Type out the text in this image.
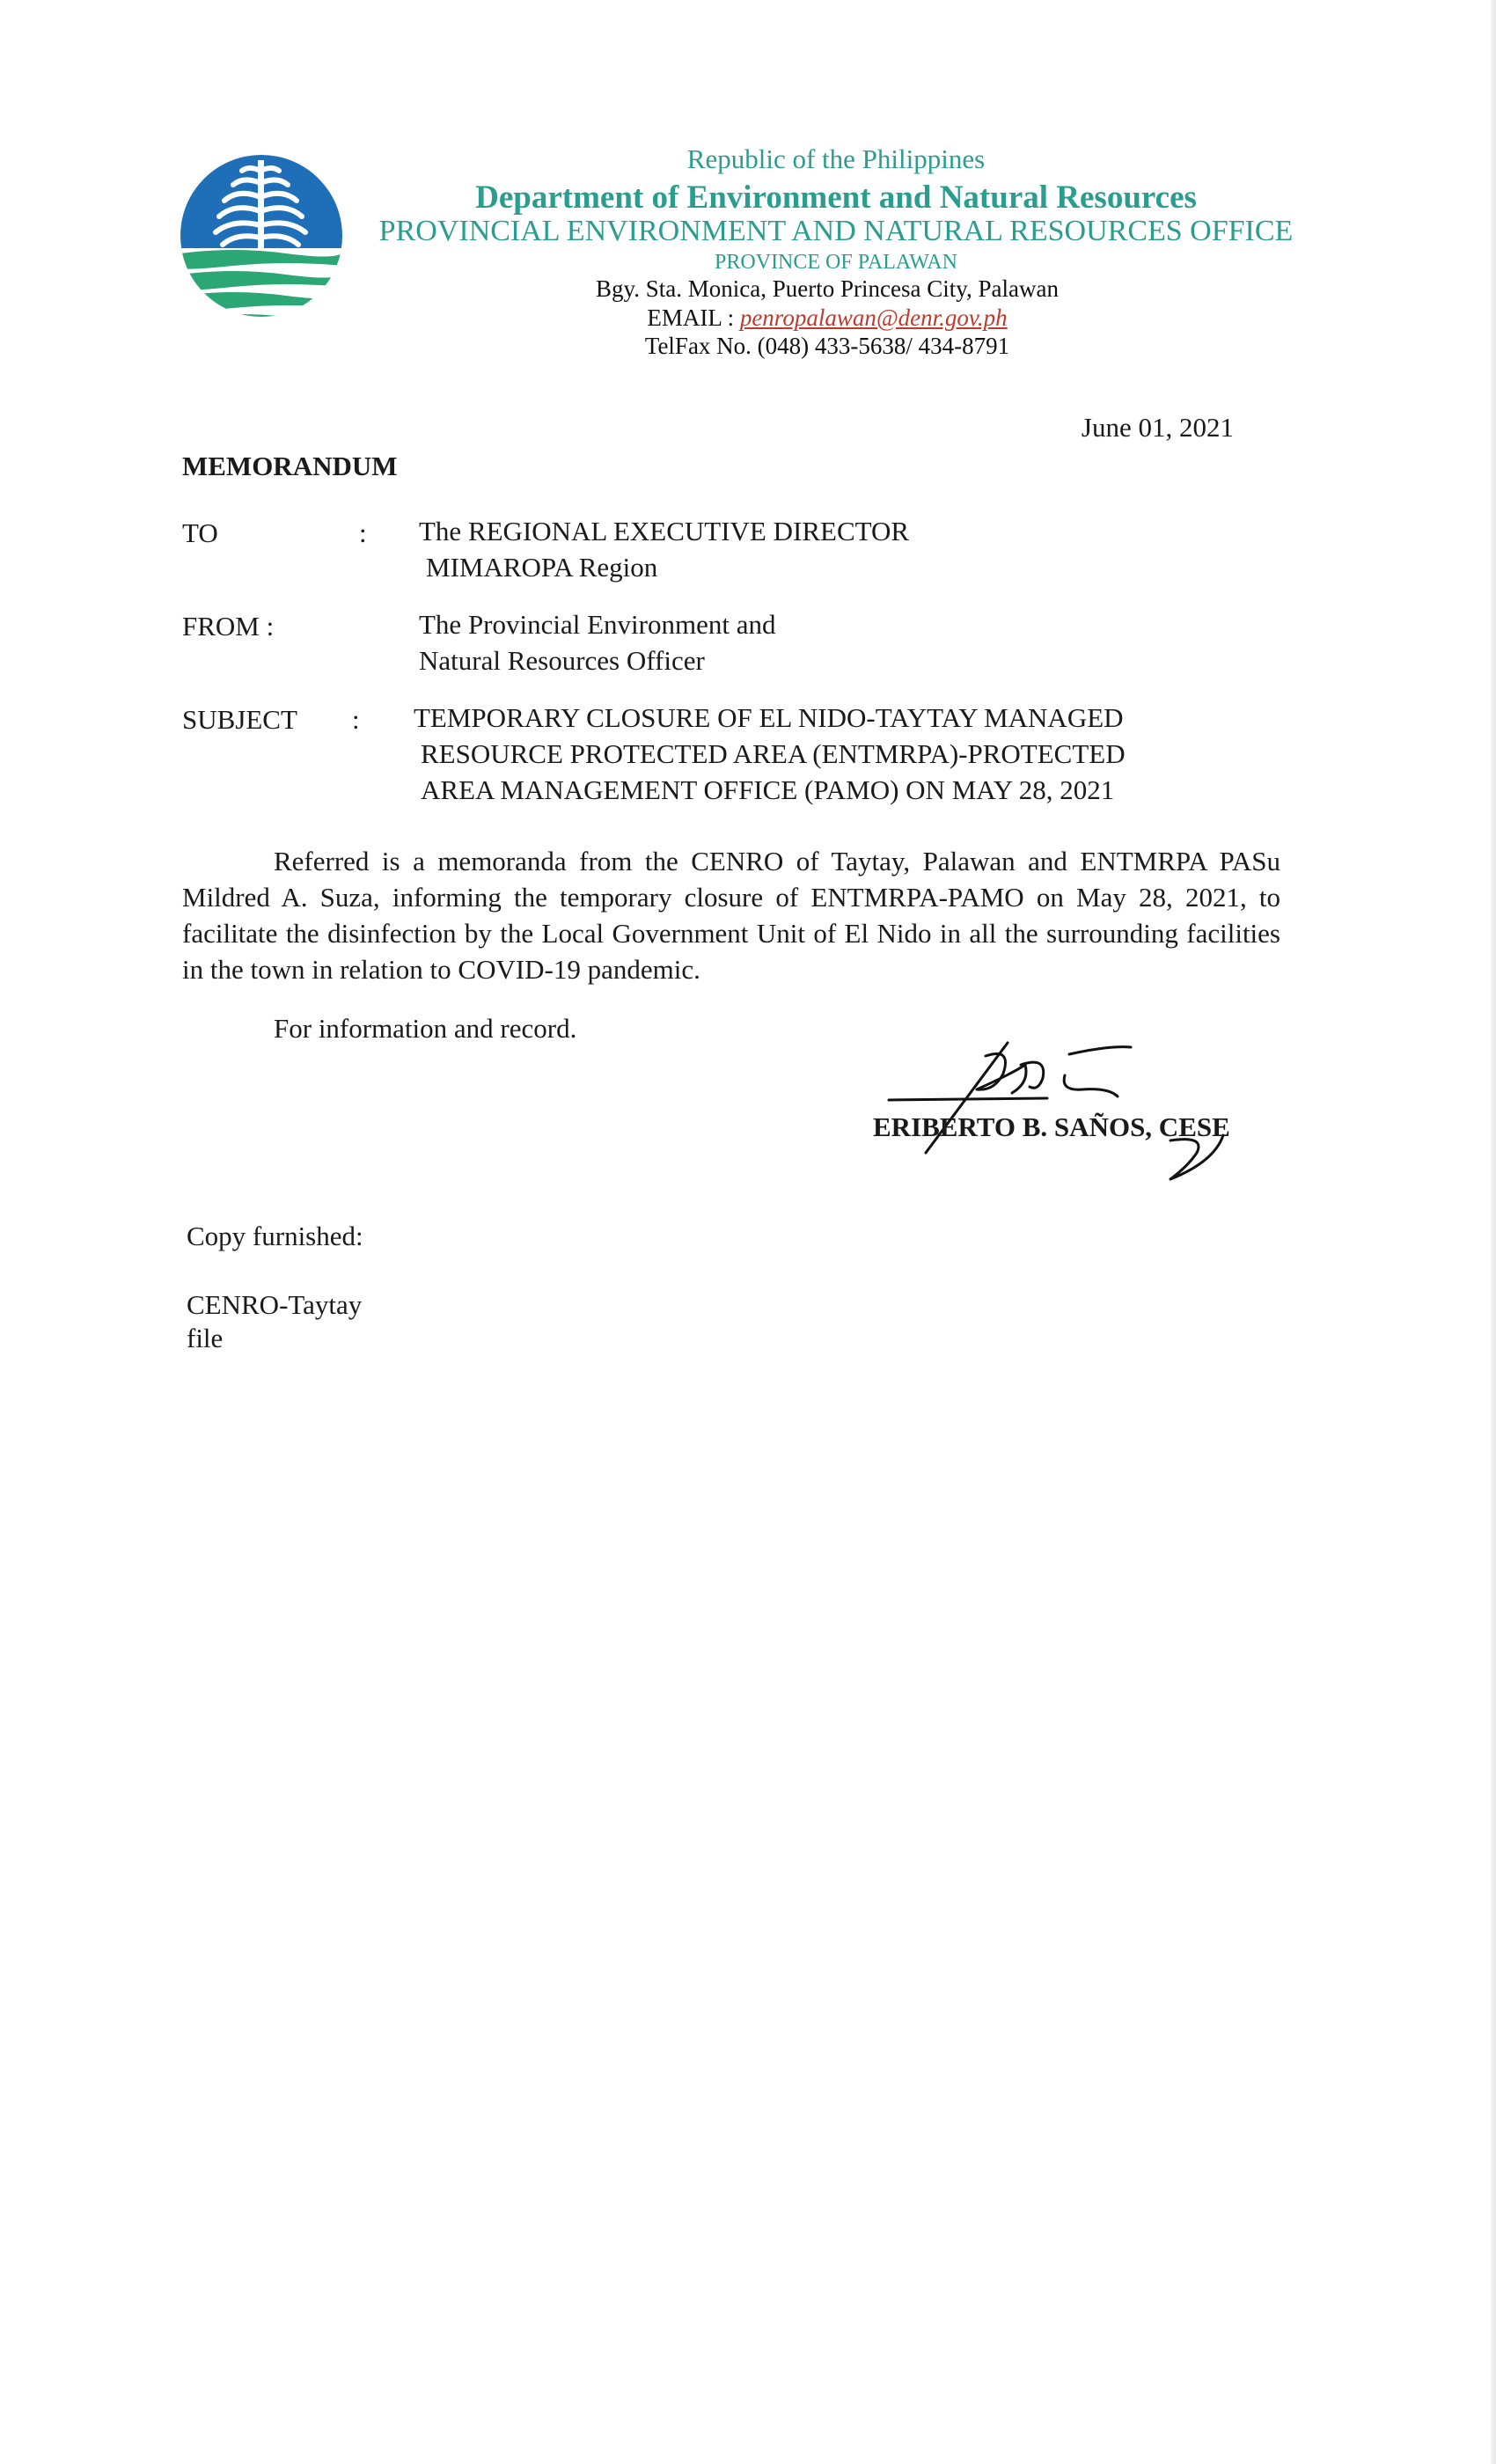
Republic of the Philippines
Department of Environment and Natural Resources
PROVINCIAL ENVIRONMENT AND NATURAL RESOURCES OFFICE
PROVINCE OF PALAWAN
Bgy. Sta. Monica, Puerto Princesa City, Palawan
EMAIL : penropalawan@denr.gov.ph
TelFax No. (048) 433-5638/ 434-8791
June 01, 2021
MEMORANDUM
TO	: The REGIONAL EXECUTIVE DIRECTOR
MIMAROPA Region
FROM :	The Provincial Environment and
Natural Resources Officer
SUBJECT : TEMPORARY CLOSURE OF EL NIDO-TAYTAY MANAGED
RESOURCE PROTECTED AREA (ENTMRPA)-PROTECTED
AREA MANAGEMENT OFFICE (PAMO) ON MAY 28, 2021

Referred is a memoranda from the CENRO of Taytay, Palawan and ENTMRPA PASu Mildred A. Suza, informing the temporary closure of ENTMRPA-PAMO on May 28, 2021, to facilitate the disinfection by the Local Government Unit of El Nido in all the surrounding facilities in the town in relation to COVID-19 pandemic.

For information and record.
ERIBERTO B. SAÑOS, CESE
Copy furnished:
CENRO-Taytay
file
